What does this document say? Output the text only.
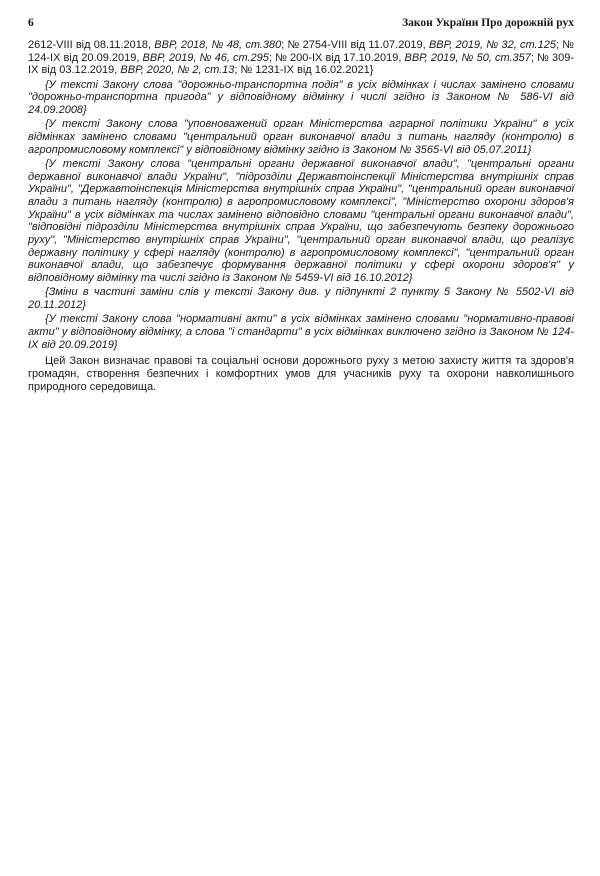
6	Закон України Про дорожній рух

2612-VIII від 08.11.2018, ВВР, 2018, № 48, ст.380; № 2754-VIII від 11.07.2019, ВВР, 2019, № 32, ст.125; № 124-IX від 20.09.2019, ВВР, 2019, № 46, ст.295; № 200-IX від 17.10.2019, ВВР, 2019, № 50, ст.357; № 309-IX від 03.12.2019, ВВР, 2020, № 2, ст.13; № 1231-IX від 16.02.2021}

{У тексті Закону слова "дорожньо-транспортна подія" в усіх відмінках і числах замінено словами "дорожньо-транспортна пригода" у відповідному відмінку і числі згідно із Законом № 586-VI від 24.09.2008}

{У тексті Закону слова "уповноважений орган Міністерства аграрної політики України" в усіх відмінках замінено словами "центральний орган виконавчої влади з питань нагляду (контролю) в агропромисловому комплексі" у відповідному відмінку згідно із Законом № 3565-VI від 05.07.2011}

{У тексті Закону слова "центральні органи державної виконавчої влади", "центральні органи державної виконавчої влади України", "підрозділи Державтоінспекції Міністерства внутрішніх справ України", "Державтоінспекція Міністерства внутрішніх справ України", "центральний орган виконавчої влади з питань нагляду (контролю) в агропромисловому комплексі", "Міністерство охорони здоров'я України" в усіх відмінках та числах замінено відповідно словами "центральні органи виконавчої влади", "відповідні підрозділи Міністерства внутрішніх справ України, що забезпечують безпеку дорожнього руху", "Міністерство внутрішніх справ України", "центральний орган виконавчої влади, що реалізує державну політику у сфері нагляду (контролю) в агропромисловому комплексі", "центральний орган виконавчої влади, що забезпечує формування державної політики у сфері охорони здоров'я" у відповідному відмінку та числі згідно із Законом № 5459-VI від 16.10.2012}

{Зміни в частині заміни слів у тексті Закону див. у підпункті 2 пункту 5 Закону № 5502-VI від 20.11.2012}

{У тексті Закону слова "нормативні акти" в усіх відмінках замінено словами "нормативно-правові акти" у відповідному відмінку, а слова "і стандарти" в усіх відмінках виключено згідно із Законом № 124-IX від 20.09.2019}

Цей Закон визначає правові та соціальні основи дорожнього руху з метою захисту життя та здоров'я громадян, створення безпечних і комфортних умов для учасників руху та охорони навколишнього природного середовища.
